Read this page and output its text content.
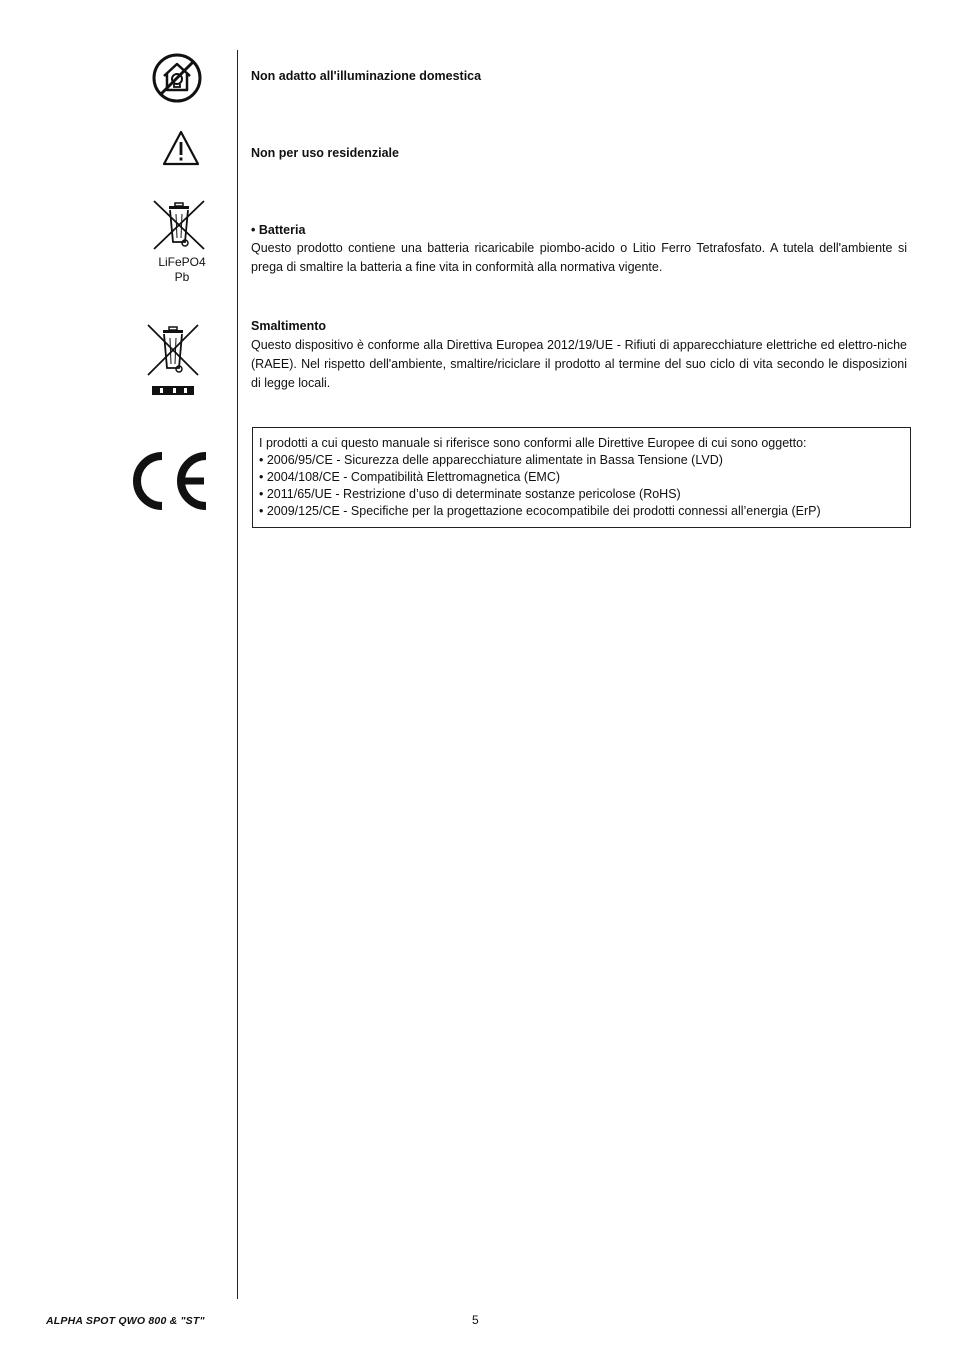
Non adatto all'illuminazione domestica
Non per uso residenziale
LiFePO4
Pb
• Batteria
Questo prodotto contiene una batteria ricaricabile piombo-acido o Litio Ferro Tetrafosfato. A tutela dell'ambiente si prega di smaltire la batteria a fine vita in conformità alla normativa vigente.
Smaltimento
Questo dispositivo è conforme alla Direttiva Europea 2012/19/UE - Rifiuti di apparecchiature elettriche ed elettro-niche (RAEE). Nel rispetto dell'ambiente, smaltire/riciclare il prodotto al termine del suo ciclo di vita secondo le disposizioni di legge locali.
I prodotti a cui questo manuale si riferisce sono conformi alle Direttive Europee di cui sono oggetto:
• 2006/95/CE - Sicurezza delle apparecchiature alimentate in Bassa Tensione (LVD)
• 2004/108/CE - Compatibilità Elettromagnetica (EMC)
• 2011/65/UE - Restrizione d’uso di determinate sostanze pericolose (RoHS)
• 2009/125/CE - Specifiche per la progettazione ecocompatibile dei prodotti connessi all’energia (ErP)
ALPHA SPOT QWO 800 & "ST"	5
